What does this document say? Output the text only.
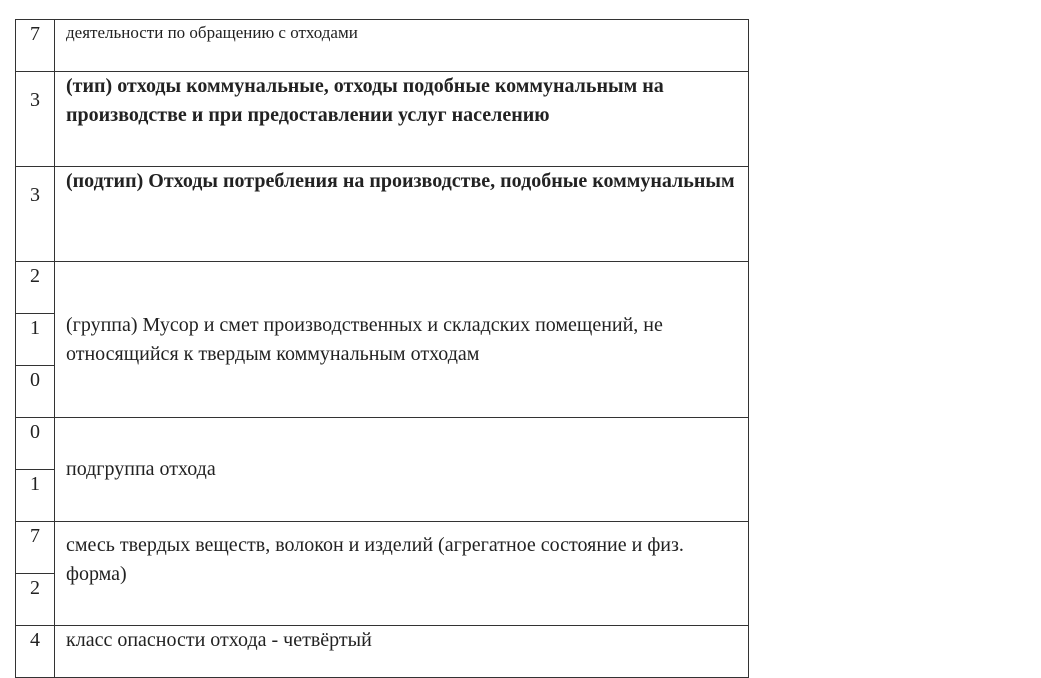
7	деятельности по обращению с отходами
3	(тип) отходы коммунальные, отходы подобные коммунальным на производстве и при предоставлении услуг населению
3	(подтип) Отходы потребления на производстве, подобные коммунальным
2	(группа) Мусор и смет производственных и складских помещений, не относящийся к твердым коммунальным отходам
1	
0	
0	подгруппа отхода
1	
7	смесь твердых веществ, волокон и изделий (агрегатное состояние и физ. форма)
2	
4	класс опасности отхода - четвёртый
